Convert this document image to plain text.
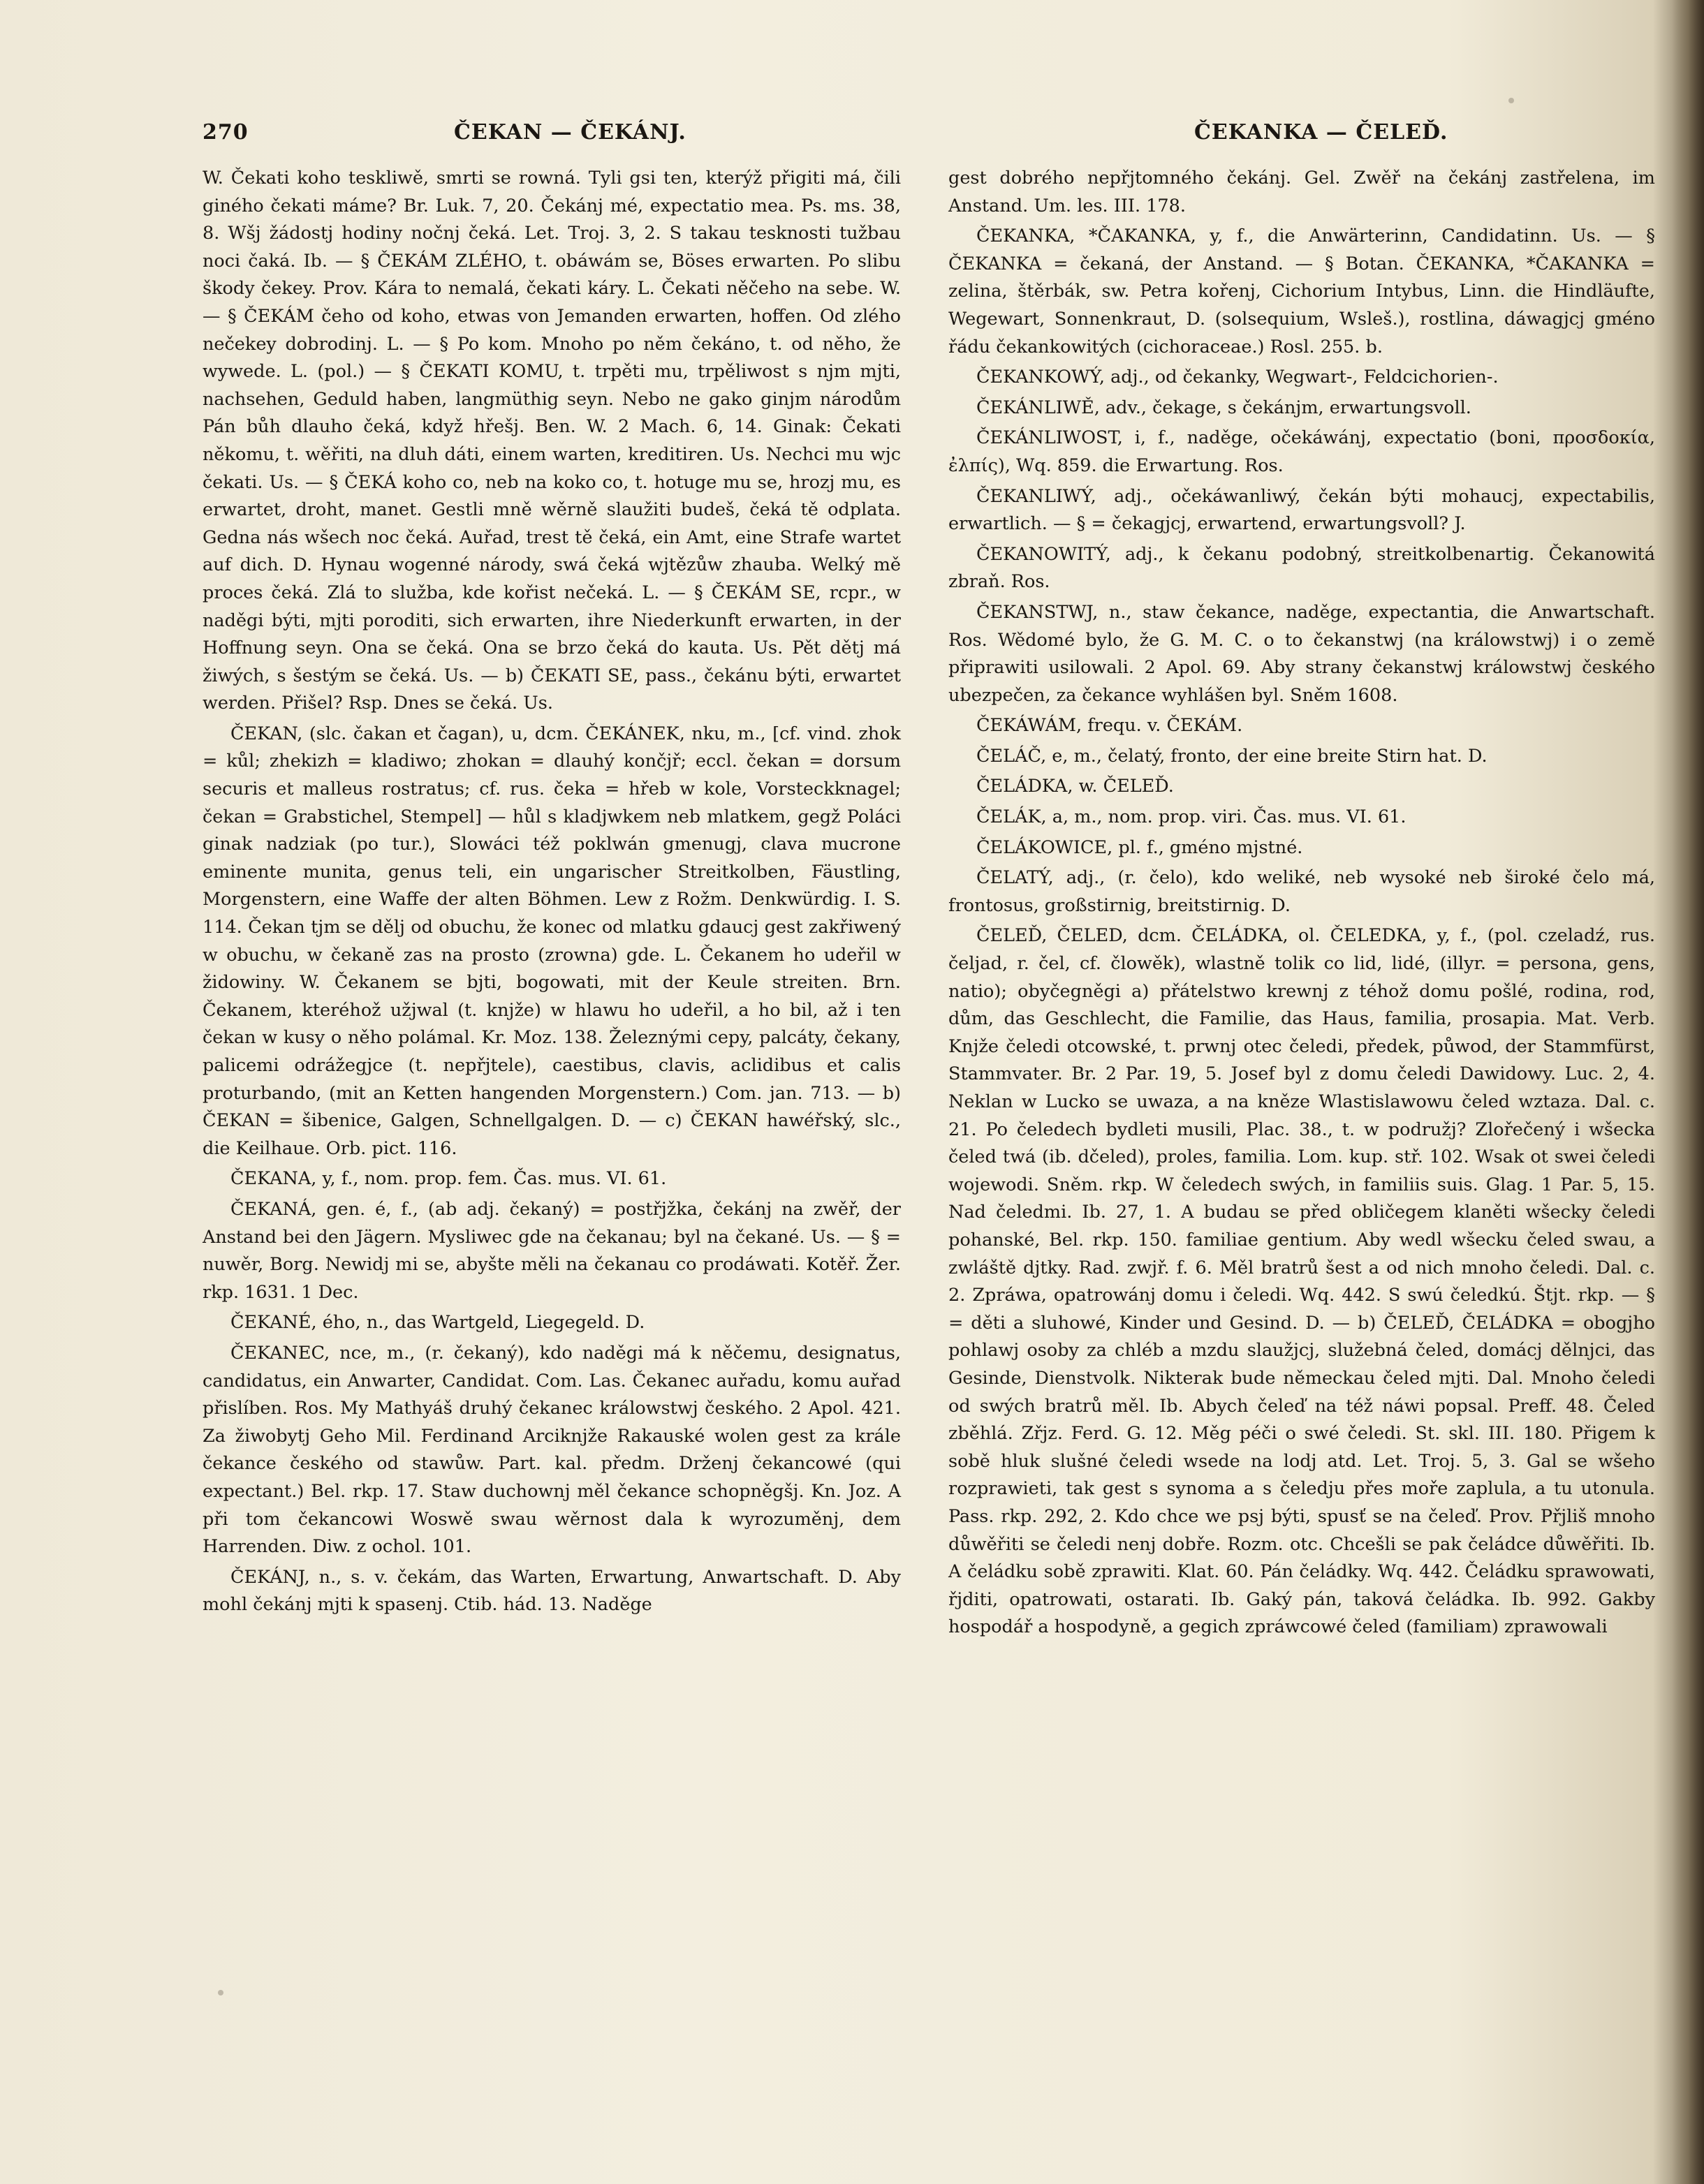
270	ČEKAN — ČEKÁNJ.	ČEKANKA — ČELEĎ.

W. Čekati koho teskliwě, smrti se rowná. Tyli gsi ten, kterýž přigiti má, čili giného čekati máme? Br. Luk. 7, 20. Čekánj mé, expectatio mea. Ps. ms. 38, 8. Wšj žádostj hodiny nočnj čeká. Let. Troj. 3, 2. S takau tesknosti tužbau noci čaká. Ib. — § ČEKÁM ZLÉHO, t. obáwám se, Böses erwarten. Po slibu škody čekey. Prov. Kára to nemalá, čekati káry. L. Čekati něčeho na sebe. W. — § ČEKÁM čeho od koho, etwas von Jemanden erwarten, hoffen. Od zlého nečekey dobrodinj. L. — § Po kom. Mnoho po něm čekáno, t. od něho, že wywede. L. (pol.) — § ČEKATI KOMU, t. trpěti mu, trpěliwost s njm mjti, nachsehen, Geduld haben, langmüthig seyn. Nebo ne gako ginjm národům Pán bůh dlauho čeká, když hřešj. Ben. W. 2 Mach. 6, 14. Ginak: Čekati někomu, t. wěřiti, na dluh dáti, einem warten, kreditiren. Us. Nechci mu wjc čekati. Us. — § ČEKÁ koho co, neb na koko co, t. hotuge mu se, hrozj mu, es erwartet, droht, manet. Gestli mně wěrně slaužiti budeš, čeká tě odplata. Gedna nás wšech noc čeká. Auřad, trest tě čeká, ein Amt, eine Strafe wartet auf dich. D. Hynau wogenné národy, swá čeká wjtězůw zhauba. Welký mě proces čeká. Zlá to služba, kde kořist nečeká. L. — § ČEKÁM SE, rcpr., w naděgi býti, mjti poroditi, sich erwarten, ihre Niederkunft erwarten, in der Hoffnung seyn. Ona se čeká. Ona se brzo čeká do kauta. Us. Pět dětj má žiwých, s šestým se čeká. Us. — b) ČEKATI SE, pass., čekánu býti, erwartet werden. Přišel? Rsp. Dnes se čeká. Us.

ČEKAN, (slc. čakan et čagan), u, dcm. ČEKÁNEK, nku, m., [cf. vind. zhok = kůl; zhekizh = kladiwo; zhokan = dlauhý končjř; eccl. čekan = dorsum securis et malleus rostratus; cf. rus. čeka = hřeb w kole, Vorsteckknagel; čekan = Grabstichel, Stempel] — hůl s kladjwkem neb mlatkem, gegž Poláci ginak nadziak (po tur.), Slowáci též poklwán gmenugj, clava mucrone eminente munita, genus teli, ein ungarischer Streitkolben, Fäustling, Morgenstern, eine Waffe der alten Böhmen. Lew z Rožm. Denkwürdig. I. S. 114. Čekan tjm se dělj od obuchu, že konec od mlatku gdaucj gest zakřiwený w obuchu, w čekaně zas na prosto (zrowna) gde. L. Čekanem ho udeřil w židowiny. W. Čekanem se bjti, bogowati, mit der Keule streiten. Brn. Čekanem, kteréhož užjwal (t. knjže) w hlawu ho udeřil, a ho bil, až i ten čekan w kusy o něho polámal. Kr. Moz. 138. Železnými cepy, palcáty, čekany, palicemi odrážegjce (t. nepřjtele), caestibus, clavis, aclidibus et calis proturbando, (mit an Ketten hangenden Morgenstern.) Com. jan. 713. — b) ČEKAN = šibenice, Galgen, Schnellgalgen. D. — c) ČEKAN hawéřský, slc., die Keilhaue. Orb. pict. 116.

ČEKANA, y, f., nom. prop. fem. Čas. mus. VI. 61.

ČEKANÁ, gen. é, f., (ab adj. čekaný) = postřjžka, čekánj na zwěř, der Anstand bei den Jägern. Mysliwec gde na čekanau; byl na čekané. Us. — § = nuwěr, Borg. Newidj mi se, abyšte měli na čekanau co prodáwati. Kotěř. Žer. rkp. 1631. 1 Dec.

ČEKANÉ, ého, n., das Wartgeld, Liegegeld. D.

ČEKANEC, nce, m., (r. čekaný), kdo naděgi má k něčemu, designatus, candidatus, ein Anwarter, Candidat. Com. Las. Čekanec auřadu, komu auřad přislíben. Ros. My Mathyáš druhý čekanec králowstwj českého. 2 Apol. 421. Za žiwobytj Geho Mil. Ferdinand Arciknjže Rakauské wolen gest za krále čekance českého od stawůw. Part. kal. předm. Drženj čekancowé (qui expectant.) Bel. rkp. 17. Staw duchownj měl čekance schopněgšj. Kn. Joz. A při tom čekancowi Woswě swau wěrnost dala k wyrozuměnj, dem Harrenden. Diw. z ochol. 101.

ČEKÁNJ, n., s. v. čekám, das Warten, Erwartung, Anwartschaft. D. Aby mohl čekánj mjti k spasenj. Ctib. hád. 13. Naděge

gest dobrého nepřjtomného čekánj. Gel. Zwěř na čekánj zastřelena, im Anstand. Um. les. III. 178.

ČEKANKA, *ČAKANKA, y, f., die Anwärterinn, Candidatinn. Us. — § ČEKANKA = čekaná, der Anstand. — § Botan. ČEKANKA, *ČAKANKA = zelina, štěrbák, sw. Petra kořenj, Cichorium Intybus, Linn. die Hindläufte, Wegewart, Sonnenkraut, D. (solsequium, Wsleš.), rostlina, dáwagjcj gméno řádu čekankowitých (cichoraceae.) Rosl. 255. b.

ČEKANKOWÝ, adj., od čekanky, Wegwart-, Feldcichorien-.

ČEKÁNLIWĚ, adv., čekage, s čekánjm, erwartungsvoll.

ČEKÁNLIWOST, i, f., naděge, očekáwánj, expectatio (boni, προσδοκία, ἐλπίς), Wq. 859. die Erwartung. Ros.

ČEKANLIWÝ, adj., očekáwanliwý, čekán býti mohaucj, expectabilis, erwartlich. — § = čekagjcj, erwartend, erwartungsvoll? J.

ČEKANOWITÝ, adj., k čekanu podobný, streitkolbenartig. Čekanowitá zbraň. Ros.

ČEKANSTWJ, n., staw čekance, naděge, expectantia, die Anwartschaft. Ros. Wědomé bylo, že G. M. C. o to čekanstwj (na králowstwj) i o země připrawiti usilowali. 2 Apol. 69. Aby strany čekanstwj králowstwj českého ubezpečen, za čekance wyhlášen byl. Sněm 1608.

ČEKÁWÁM, frequ. v. ČEKÁM.

ČELÁČ, e, m., čelatý, fronto, der eine breite Stirn hat. D.

ČELÁDKA, w. ČELEĎ.

ČELÁK, a, m., nom. prop. viri. Čas. mus. VI. 61.

ČELÁKOWICE, pl. f., gméno mjstné.

ČELATÝ, adj., (r. čelo), kdo weliké, neb wysoké neb široké čelo má, frontosus, großstirnig, breitstirnig. D.

ČELEĎ, ČELED, dcm. ČELÁDKA, ol. ČELEDKA, y, f., (pol. czeladź, rus. čeljad, r. čel, cf. člowěk), wlastně tolik co lid, lidé, (illyr. = persona, gens, natio); obyčegněgi a) přátelstwo krewnj z téhož domu pošlé, rodina, rod, dům, das Geschlecht, die Familie, das Haus, familia, prosapia. Mat. Verb. Knjže čeledi otcowské, t. prwnj otec čeledi, předek, půwod, der Stammfürst, Stammvater. Br. 2 Par. 19, 5. Josef byl z domu čeledi Dawidowy. Luc. 2, 4. Neklan w Lucko se uwaza, a na kněze Wlastislawowu čeled wztaza. Dal. c. 21. Po čeledech bydleti musili, Plac. 38., t. w podružj? Zlořečený i wšecka čeled twá (ib. dčeled), proles, familia. Lom. kup. stř. 102. Wsak ot swei čeledi wojewodi. Sněm. rkp. W čeledech swých, in familiis suis. Glag. 1 Par. 5, 15. Nad čeledmi. Ib. 27, 1. A budau se před obličegem klaněti wšecky čeledi pohanské, Bel. rkp. 150. familiae gentium. Aby wedl wšecku čeled swau, a zwláště djtky. Rad. zwjř. f. 6. Měl bratrů šest a od nich mnoho čeledi. Dal. c. 2. Zpráwa, opatrowánj domu i čeledi. Wq. 442. S swú čeledkú. Štjt. rkp. — § = děti a sluhowé, Kinder und Gesind. D. — b) ČELEĎ, ČELÁDKA = obogjho pohlawj osoby za chléb a mzdu slaužjcj, služebná čeled, domácj dělnjci, das Gesinde, Dienstvolk. Nikterak bude německau čeled mjti. Dal. Mnoho čeledi od swých bratrů měl. Ib. Abych čeleď na též náwi popsal. Preff. 48. Čeled zběhlá. Zřjz. Ferd. G. 12. Měg péči o swé čeledi. St. skl. III. 180. Přigem k sobě hluk slušné čeledi wsede na lodj atd. Let. Troj. 5, 3. Gal se wšeho rozprawieti, tak gest s synoma a s čeledju přes moře zaplula, a tu utonula. Pass. rkp. 292, 2. Kdo chce we psj býti, spusť se na čeleď. Prov. Přjliš mnoho důwěřiti se čeledi nenj dobře. Rozm. otc. Chcešli se pak čeládce důwěřiti. Ib. A čeládku sobě zprawiti. Klat. 60. Pán čeládky. Wq. 442. Čeládku sprawowati, řjditi, opatrowati, ostarati. Ib. Gaký pán, taková čeládka. Ib. 992. Gakby hospodář a hospodyně, a gegich zpráwcowé čeled (familiam) zprawowali
